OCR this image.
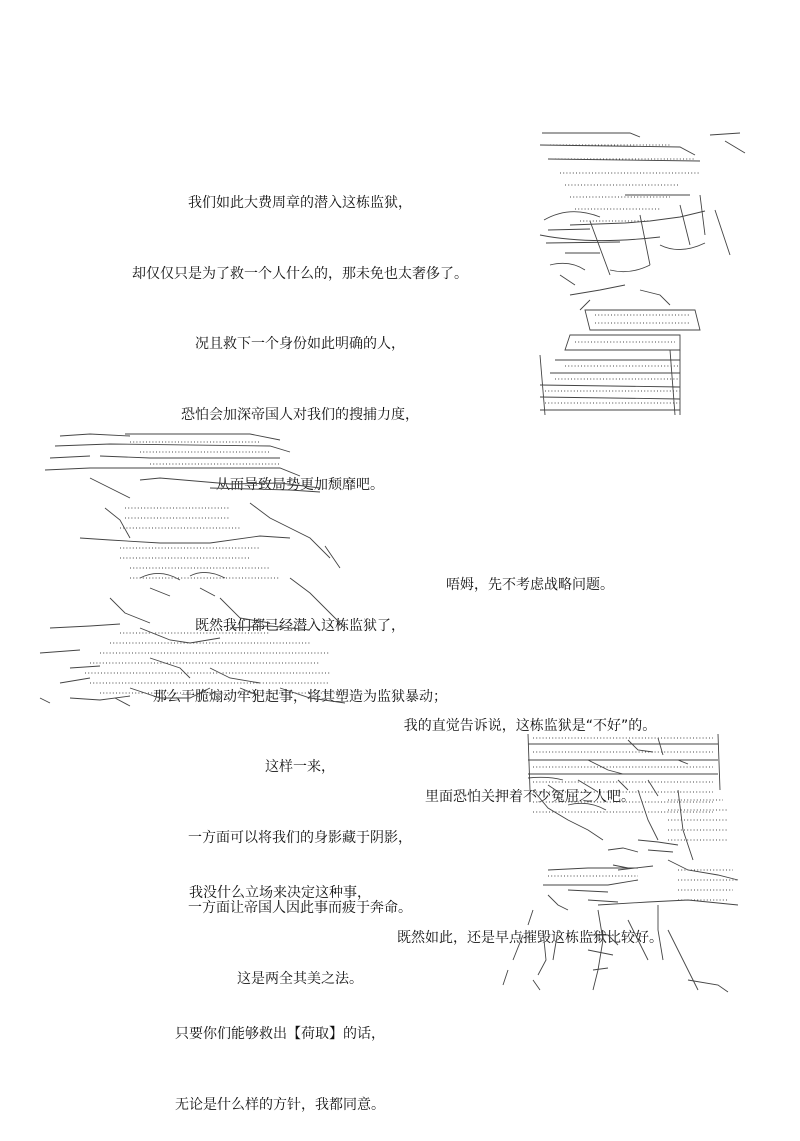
我们如此大费周章的潜入这栋监狱，

却仅仅只是为了救一个人什么的，那未免也太奢侈了。

况且救下一个身份如此明确的人，

恐怕会加深帝国人对我们的搜捕力度，

从而导致局势更加颓靡吧。

既然我们都已经潜入这栋监狱了，

那么干脆煽动牢犯起事，将其塑造为监狱暴动；

这样一来，

一方面可以将我们的身影藏于阴影，

一方面让帝国人因此事而疲于奔命。

这是两全其美之法。

唔姆，先不考虑战略问题。

我的直觉告诉说，这栋监狱是“不好”的。

里面恐怕关押着不少冤屈之人吧。

既然如此，还是早点摧毁这栋监狱比较好。

我没什么立场来决定这种事，

只要你们能够救出【荷取】的话，

无论是什么样的方针，我都同意。
